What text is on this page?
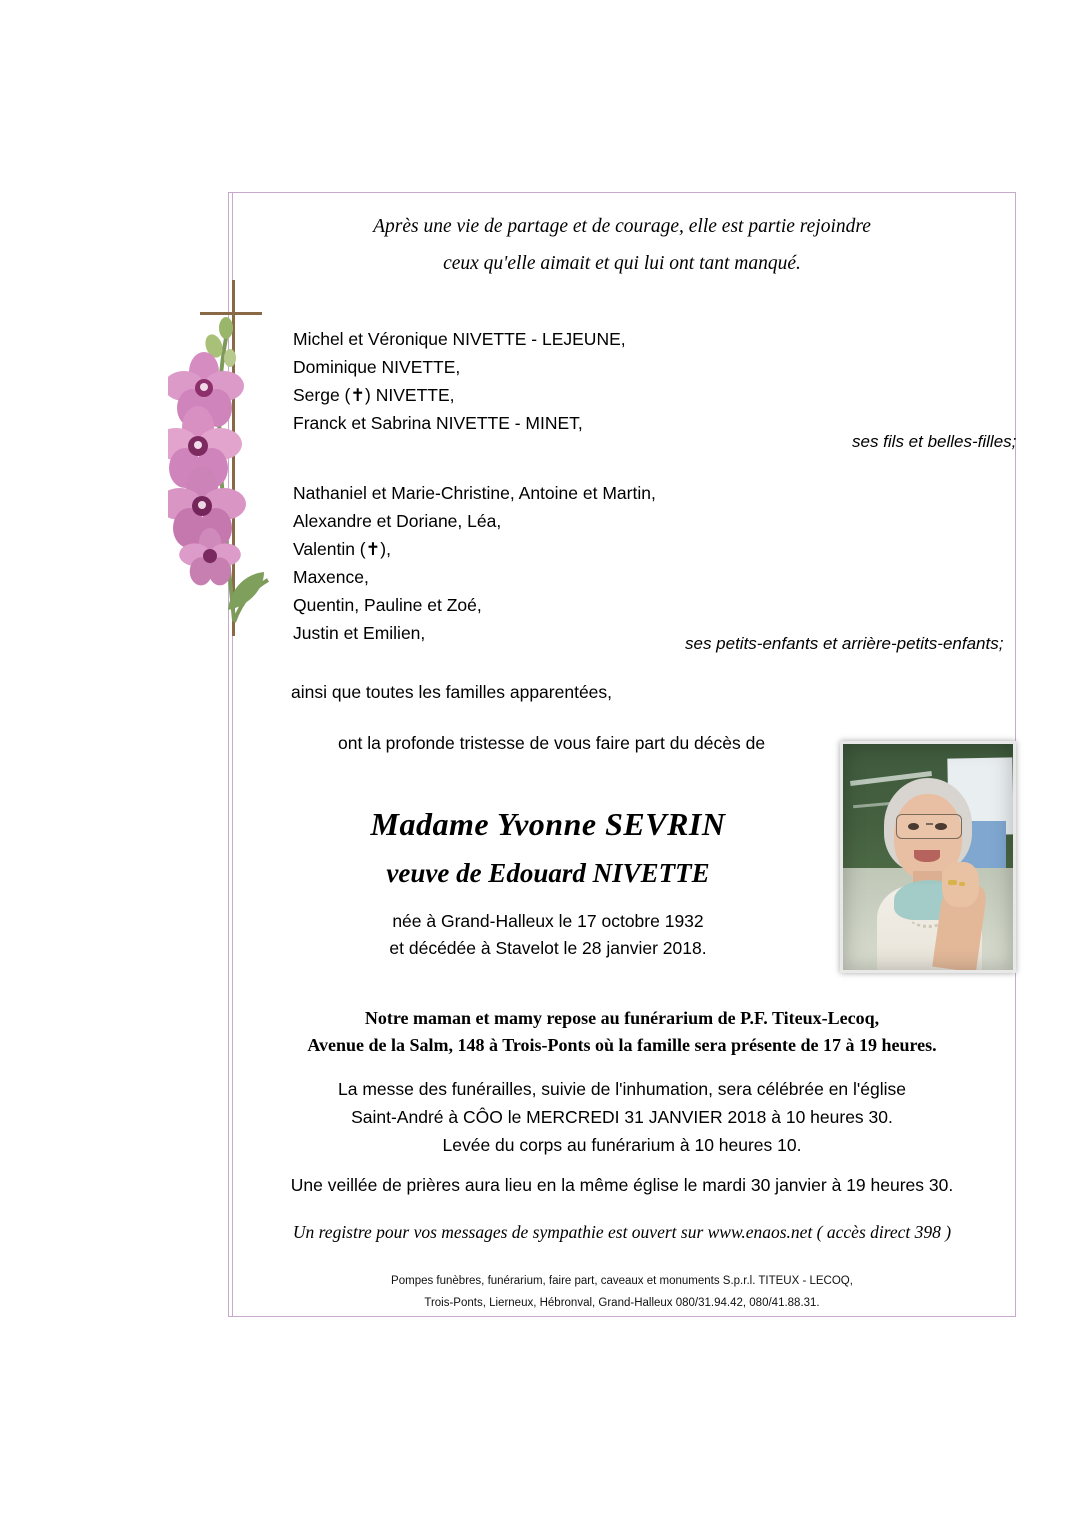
Après une vie de partage et de courage, elle est partie rejoindre
ceux qu'elle aimait et qui lui ont tant manqué.
Michel et Véronique NIVETTE - LEJEUNE,
Dominique NIVETTE,
Serge (✝) NIVETTE,
Franck et Sabrina NIVETTE - MINET,
ses fils et belles-filles;
Nathaniel et Marie-Christine, Antoine et Martin,
Alexandre et Doriane, Léa,
Valentin (✝),
Maxence,
Quentin, Pauline et Zoé,
Justin et Emilien,
ses petits-enfants et arrière-petits-enfants;
ainsi que toutes les familles apparentées,
ont la profonde tristesse de vous faire part du décès de
Madame Yvonne SEVRIN
veuve de Edouard NIVETTE
née à Grand-Halleux le 17 octobre 1932
et décédée à Stavelot le 28 janvier 2018.
Notre maman et mamy repose au funérarium de P.F. Titeux-Lecoq,
Avenue de la Salm, 148 à Trois-Ponts où la famille sera présente de 17 à 19 heures.
La messe des funérailles, suivie de l'inhumation, sera célébrée en l'église
Saint-André à CÔO le MERCREDI 31 JANVIER 2018 à 10 heures 30.
Levée du corps au funérarium à 10 heures 10.
Une veillée de prières aura lieu en la même église le mardi 30 janvier à 19 heures 30.
Un registre pour vos messages de sympathie est ouvert sur www.enaos.net ( accès direct 398 )
Pompes funèbres, funérarium, faire part, caveaux et monuments S.p.r.l. TITEUX - LECOQ,
Trois-Ponts, Lierneux, Hébronval, Grand-Halleux 080/31.94.42, 080/41.88.31.
